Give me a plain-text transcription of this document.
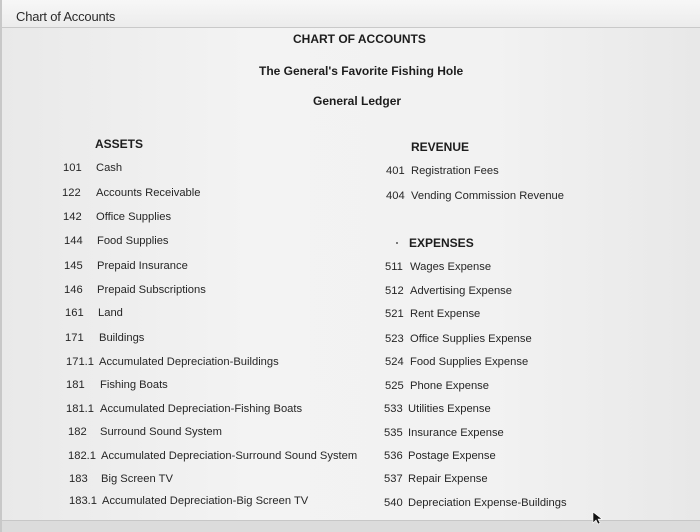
Chart of Accounts
CHART OF ACCOUNTS
The General's Favorite Fishing Hole
General Ledger
ASSETS
101 Cash
122 Accounts Receivable
142 Office Supplies
144 Food Supplies
145 Prepaid Insurance
146 Prepaid Subscriptions
161 Land
171 Buildings
171.1 Accumulated Depreciation-Buildings
181 Fishing Boats
181.1 Accumulated Depreciation-Fishing Boats
182 Surround Sound System
182.1 Accumulated Depreciation-Surround Sound System
183 Big Screen TV
183.1 Accumulated Depreciation-Big Screen TV
REVENUE
401 Registration Fees
404 Vending Commission Revenue
EXPENSES
511 Wages Expense
512 Advertising Expense
521 Rent Expense
523 Office Supplies Expense
524 Food Supplies Expense
525 Phone Expense
533 Utilities Expense
535 Insurance Expense
536 Postage Expense
537 Repair Expense
540 Depreciation Expense-Buildings
